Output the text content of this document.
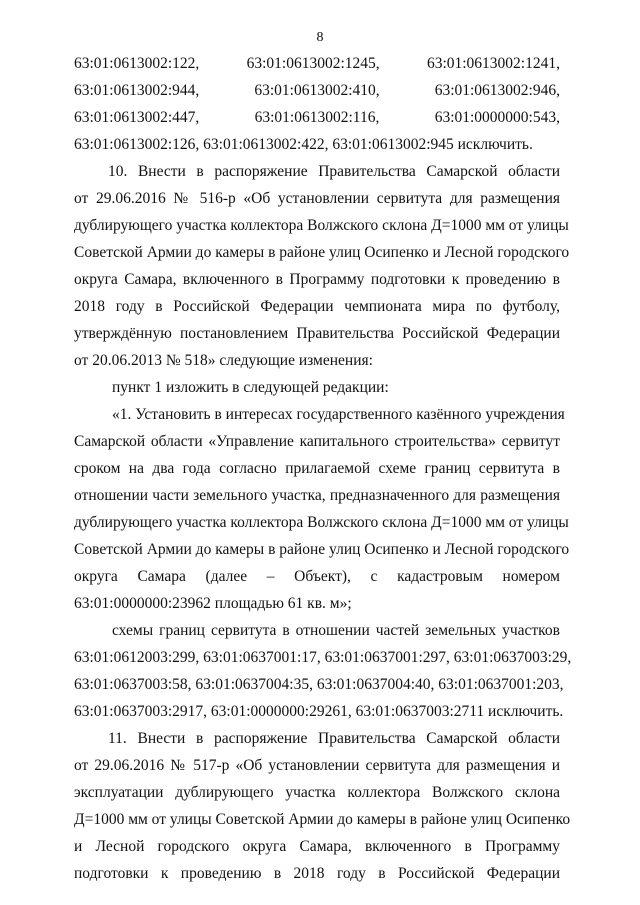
8
63:01:0613002:122,	63:01:0613002:1245,	63:01:0613002:1241,
63:01:0613002:944,	63:01:0613002:410,	63:01:0613002:946,
63:01:0613002:447,	63:01:0613002:116,	63:01:0000000:543,
63:01:0613002:126, 63:01:0613002:422, 63:01:0613002:945 исключить.
10. Внести в распоряжение Правительства Самарской области
от 29.06.2016 № 516-р «Об установлении сервитута для размещения
дублирующего участка коллектора Волжского склона Д=1000 мм от улицы
Советской Армии до камеры в районе улиц Осипенко и Лесной городского
округа Самара, включенного в Программу подготовки к проведению в
2018 году в Российской Федерации чемпионата мира по футболу,
утверждённую постановлением Правительства Российской Федерации
от 20.06.2013 № 518» следующие изменения:
пункт 1 изложить в следующей редакции:
«1. Установить в интересах государственного казённого учреждения
Самарской области «Управление капитального строительства» сервитут
сроком на два года согласно прилагаемой схеме границ сервитута в
отношении части земельного участка, предназначенного для размещения
дублирующего участка коллектора Волжского склона Д=1000 мм от улицы
Советской Армии до камеры в районе улиц Осипенко и Лесной городского
округа Самара (далее – Объект), с кадастровым номером
63:01:0000000:23962 площадью 61 кв. м»;
схемы границ сервитута в отношении частей земельных участков
63:01:0612003:299, 63:01:0637001:17, 63:01:0637001:297, 63:01:0637003:29,
63:01:0637003:58, 63:01:0637004:35, 63:01:0637004:40, 63:01:0637001:203,
63:01:0637003:2917, 63:01:0000000:29261, 63:01:0637003:2711 исключить.
11. Внести в распоряжение Правительства Самарской области
от 29.06.2016 № 517-р «Об установлении сервитута для размещения и
эксплуатации дублирующего участка коллектора Волжского склона
Д=1000 мм от улицы Советской Армии до камеры в районе улиц Осипенко
и Лесной городского округа Самара, включенного в Программу
подготовки к проведению в 2018 году в Российской Федерации
